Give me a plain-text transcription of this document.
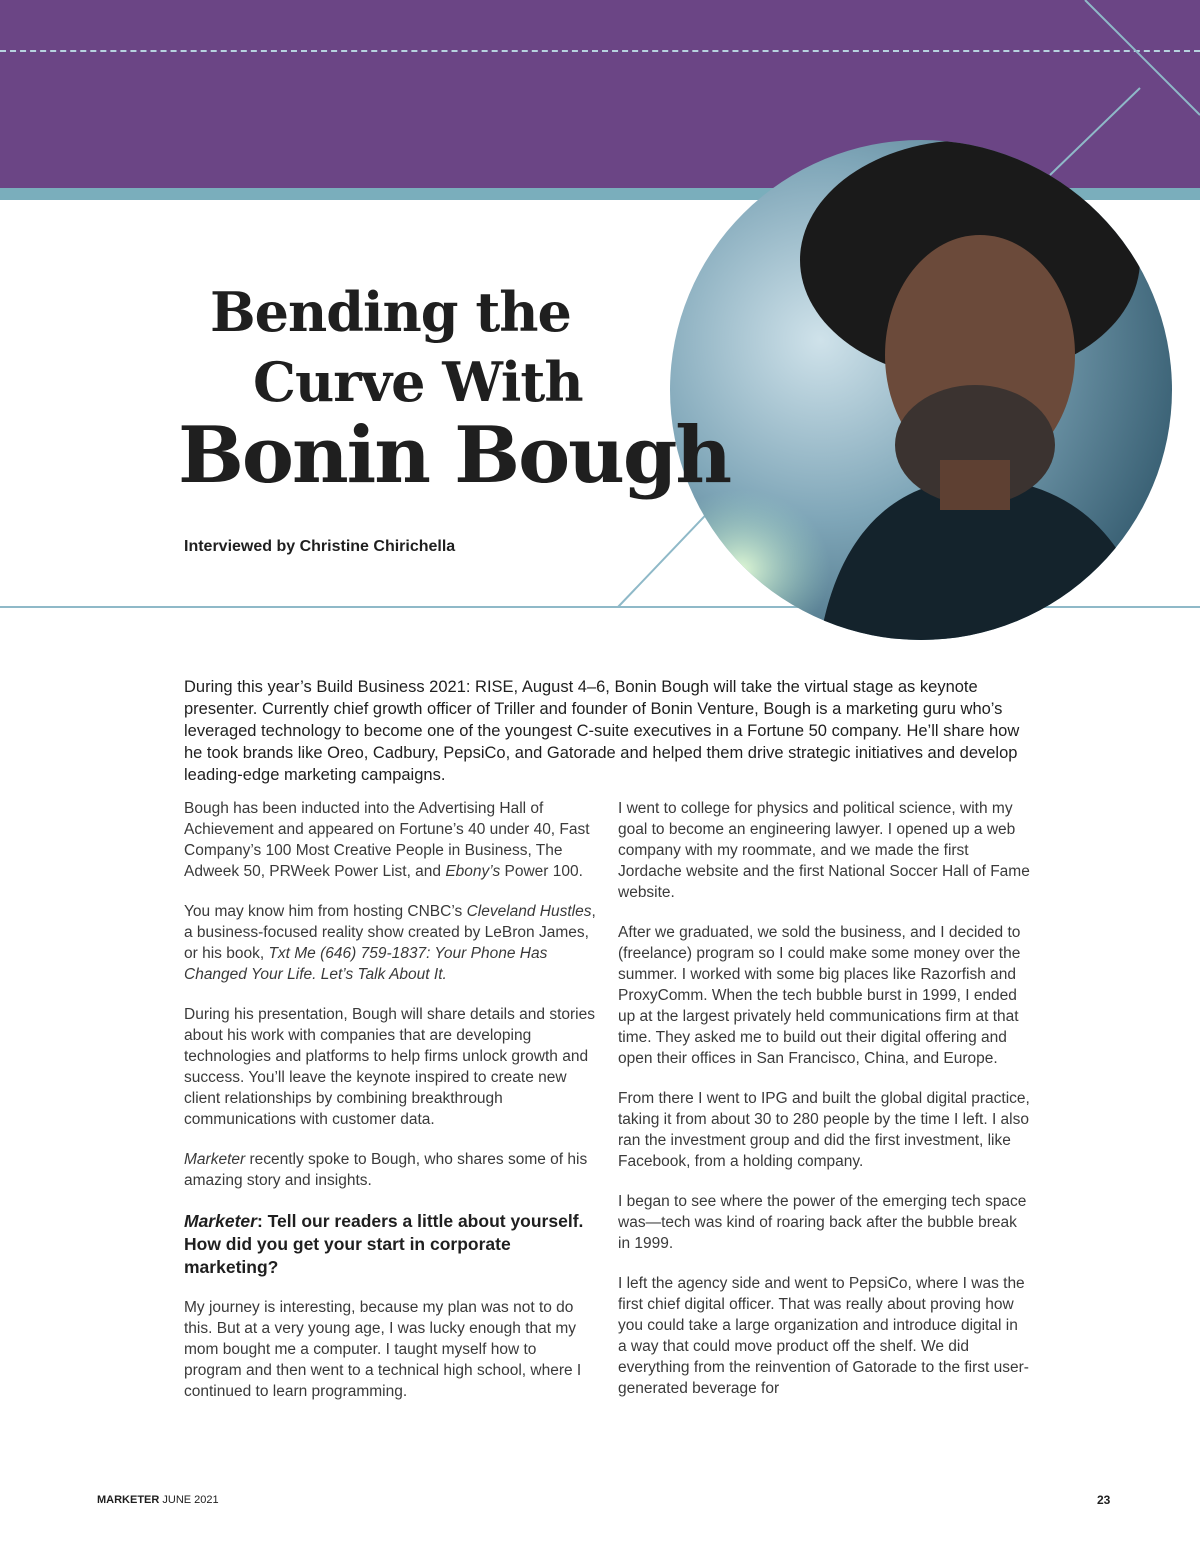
Bending the
Curve With
Bonin Bough

Interviewed by Christine Chirichella

During this year’s Build Business 2021: RISE, August 4–6, Bonin Bough will take the virtual stage as keynote presenter. Currently chief growth officer of Triller and founder of Bonin Venture, Bough is a marketing guru who’s leveraged technology to become one of the youngest C-suite executives in a Fortune 50 company. He’ll share how he took brands like Oreo, Cadbury, PepsiCo, and Gatorade and helped them drive strategic initiatives and develop leading-edge marketing campaigns.

Bough has been inducted into the Advertising Hall of Achievement and appeared on Fortune’s 40 under 40, Fast Company’s 100 Most Creative People in Business, The Adweek 50, PRWeek Power List, and Ebony’s Power 100.

You may know him from hosting CNBC’s Cleveland Hustles, a business-focused reality show created by LeBron James, or his book, Txt Me (646) 759-1837: Your Phone Has Changed Your Life. Let’s Talk About It.

During his presentation, Bough will share details and stories about his work with companies that are developing technologies and platforms to help firms unlock growth and success. You’ll leave the keynote inspired to create new client relationships by combining breakthrough communications with customer data.

Marketer recently spoke to Bough, who shares some of his amazing story and insights.

Marketer: Tell our readers a little about yourself. How did you get your start in corporate marketing?

My journey is interesting, because my plan was not to do this. But at a very young age, I was lucky enough that my mom bought me a computer. I taught myself how to program and then went to a technical high school, where I continued to learn programming.

I went to college for physics and political science, with my goal to become an engineering lawyer. I opened up a web company with my roommate, and we made the first Jordache website and the first National Soccer Hall of Fame website.

After we graduated, we sold the business, and I decided to (freelance) program so I could make some money over the summer. I worked with some big places like Razorfish and ProxyComm. When the tech bubble burst in 1999, I ended up at the largest privately held communications firm at that time. They asked me to build out their digital offering and open their offices in San Francisco, China, and Europe.

From there I went to IPG and built the global digital practice, taking it from about 30 to 280 people by the time I left. I also ran the investment group and did the first investment, like Facebook, from a holding company.

I began to see where the power of the emerging tech space was—tech was kind of roaring back after the bubble break in 1999.

I left the agency side and went to PepsiCo, where I was the first chief digital officer. That was really about proving how you could take a large organization and introduce digital in a way that could move product off the shelf. We did everything from the reinvention of Gatorade to the first user-generated beverage for

MARKETER JUNE 2021	23
